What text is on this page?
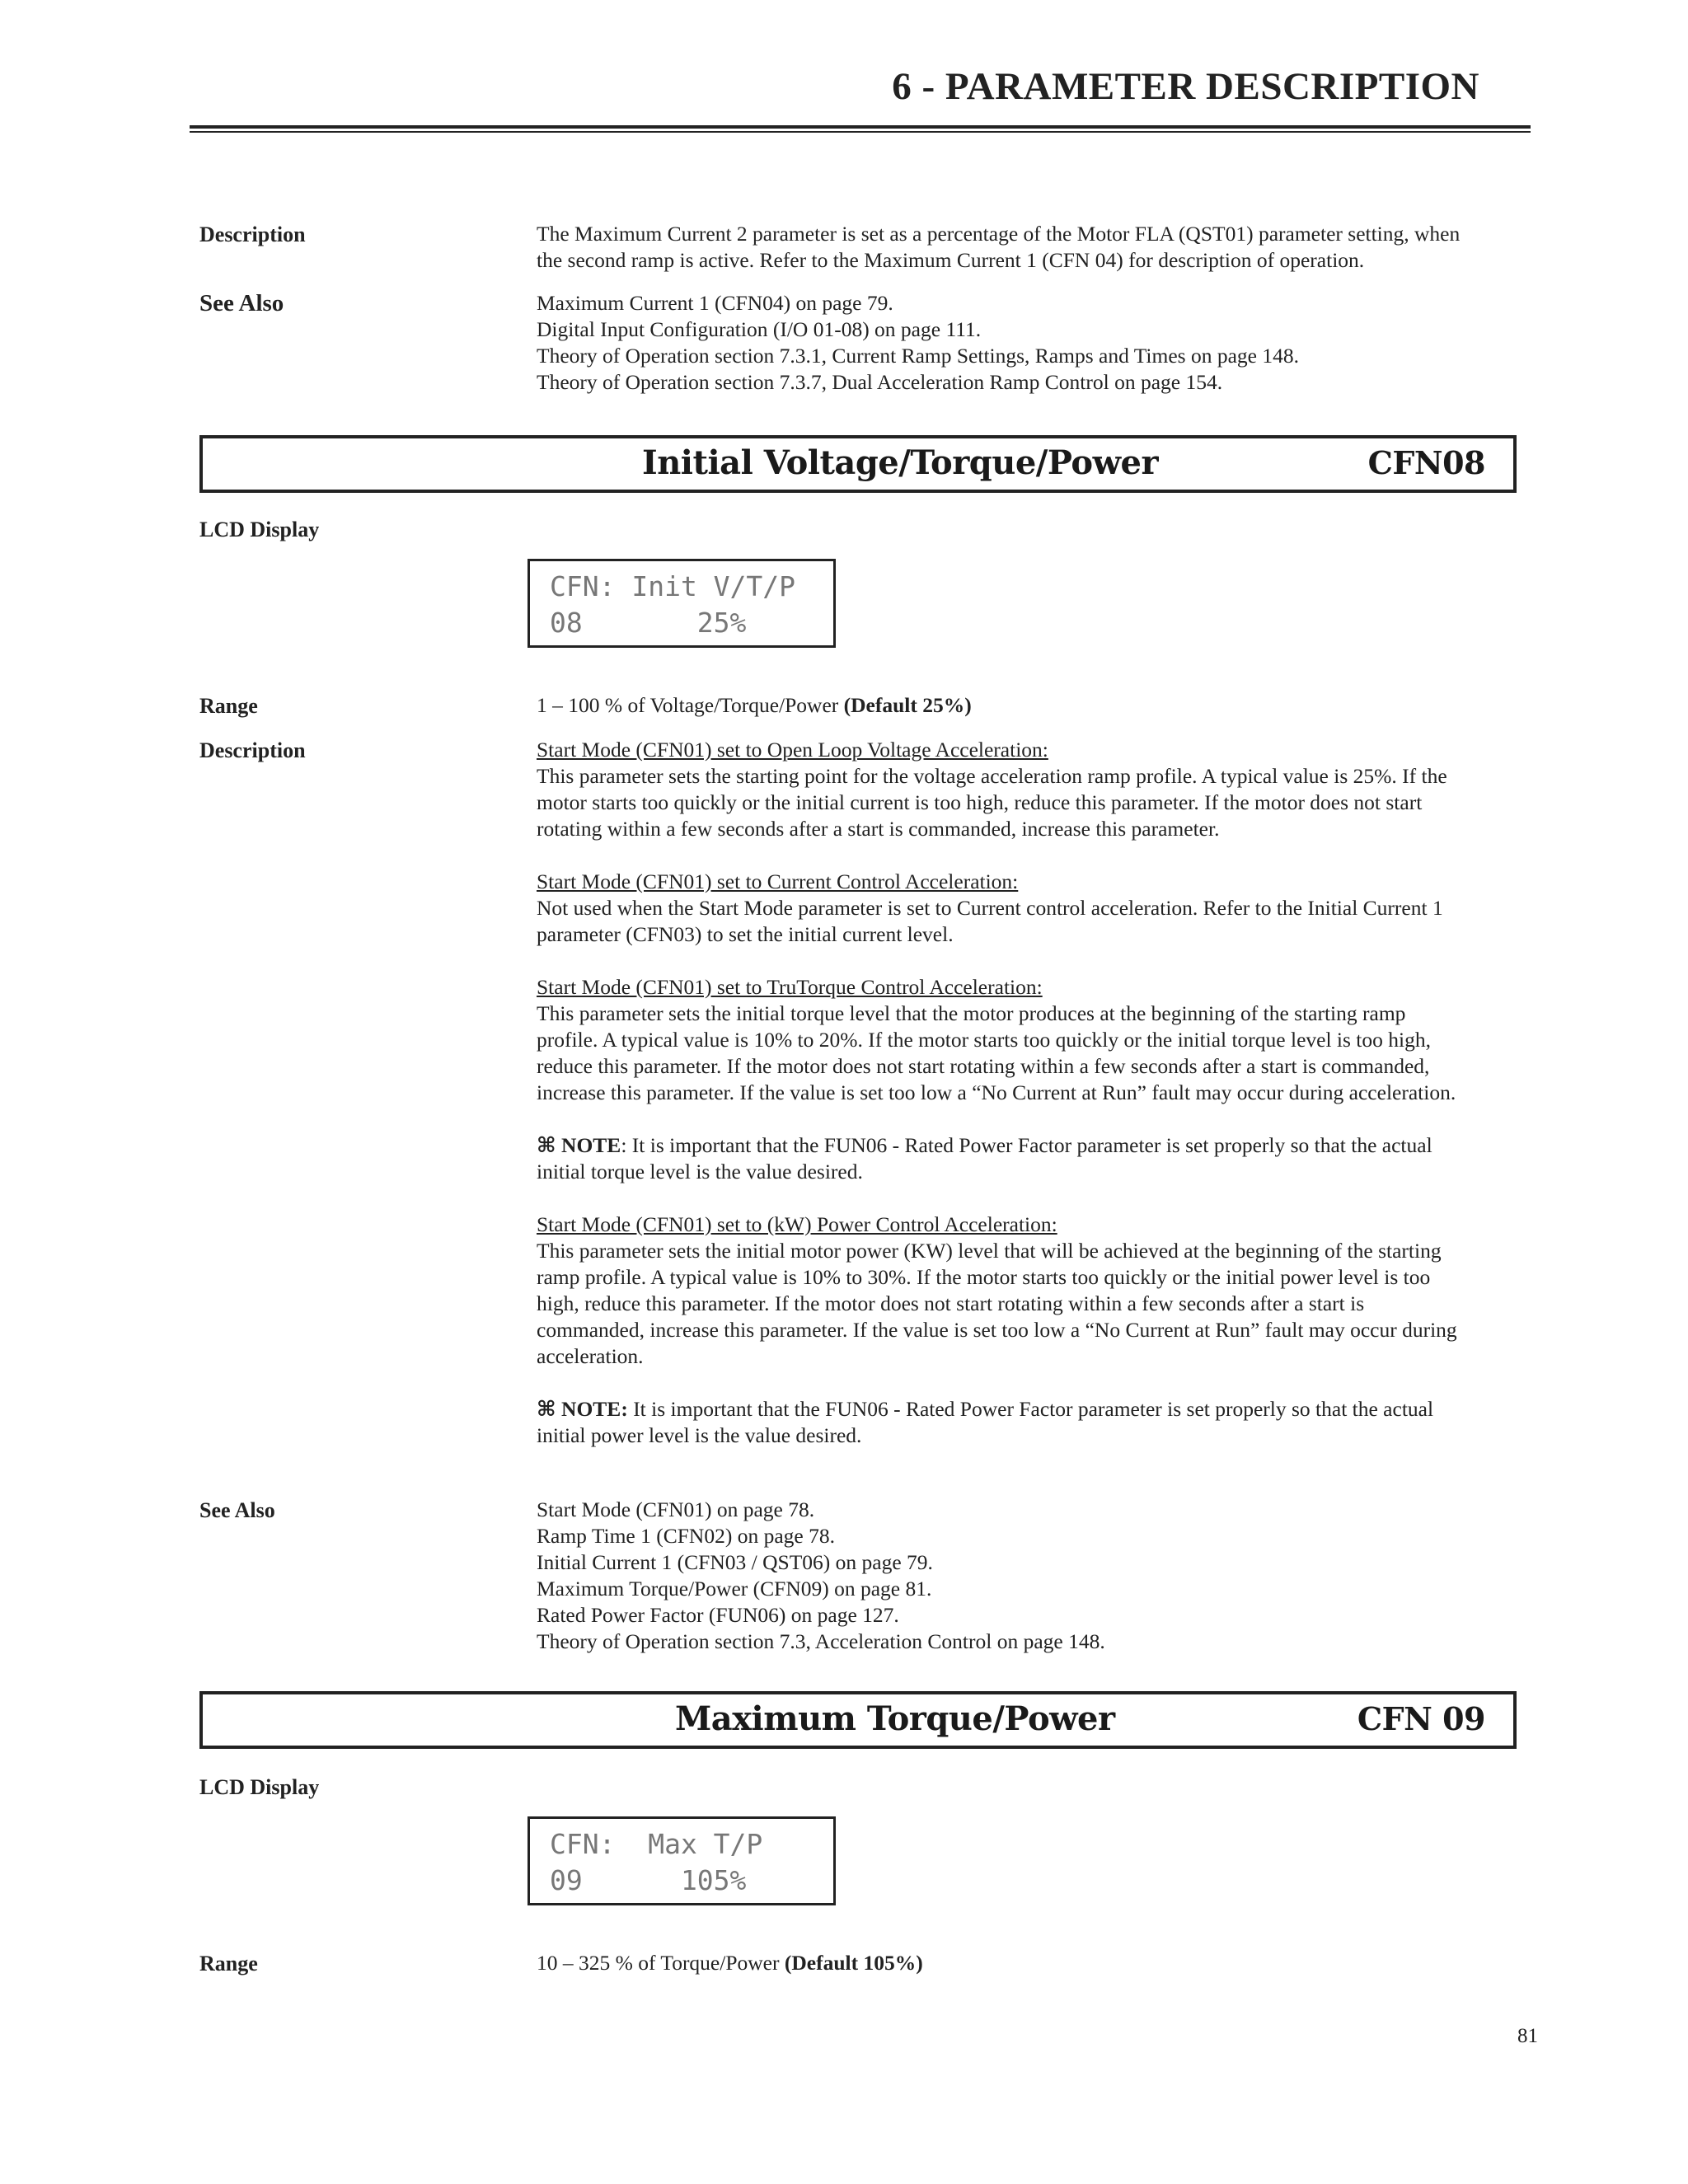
6 - PARAMETER DESCRIPTION
Description	The Maximum Current 2 parameter is set as a percentage of the Motor FLA (QST01) parameter setting, when
the second ramp is active. Refer to the Maximum Current 1 (CFN 04) for description of operation.
See Also	Maximum Current 1 (CFN04) on page 79.
Digital Input Configuration (I/O 01-08) on page 111.
Theory of Operation section 7.3.1, Current Ramp Settings, Ramps and Times on page 148.
Theory of Operation section 7.3.7, Dual Acceleration Ramp Control on page 154.
Initial Voltage/Torque/Power	CFN08
LCD Display
CFN: Init V/T/P
08       25%
Range	1 – 100 % of Voltage/Torque/Power (Default 25%)
Description	Start Mode (CFN01) set to Open Loop Voltage Acceleration:
This parameter sets the starting point for the voltage acceleration ramp profile. A typical value is 25%. If the
motor starts too quickly or the initial current is too high, reduce this parameter. If the motor does not start
rotating within a few seconds after a start is commanded, increase this parameter.
Start Mode (CFN01) set to Current Control Acceleration:
Not used when the Start Mode parameter is set to Current control acceleration. Refer to the Initial Current 1
parameter (CFN03) to set the initial current level.
Start Mode (CFN01) set to TruTorque Control Acceleration:
This parameter sets the initial torque level that the motor produces at the beginning of the starting ramp
profile. A typical value is 10% to 20%. If the motor starts too quickly or the initial torque level is too high,
reduce this parameter. If the motor does not start rotating within a few seconds after a start is commanded,
increase this parameter. If the value is set too low a “No Current at Run” fault may occur during acceleration.
⌘ NOTE: It is important that the FUN06 - Rated Power Factor parameter is set properly so that the actual
initial torque level is the value desired.
Start Mode (CFN01) set to (kW) Power Control Acceleration:
This parameter sets the initial motor power (KW) level that will be achieved at the beginning of the starting
ramp profile. A typical value is 10% to 30%. If the motor starts too quickly or the initial power level is too
high, reduce this parameter. If the motor does not start rotating within a few seconds after a start is
commanded, increase this parameter. If the value is set too low a “No Current at Run” fault may occur during
acceleration.
⌘ NOTE: It is important that the FUN06 - Rated Power Factor parameter is set properly so that the actual
initial power level is the value desired.
See Also	Start Mode (CFN01) on page 78.
Ramp Time 1 (CFN02) on page 78.
Initial Current 1 (CFN03 / QST06) on page 79.
Maximum Torque/Power (CFN09) on page 81.
Rated Power Factor (FUN06) on page 127.
Theory of Operation section 7.3, Acceleration Control on page 148.
Maximum Torque/Power	CFN 09
LCD Display
CFN:  Max T/P
09      105%
Range	10 – 325 % of Torque/Power (Default 105%)
81
